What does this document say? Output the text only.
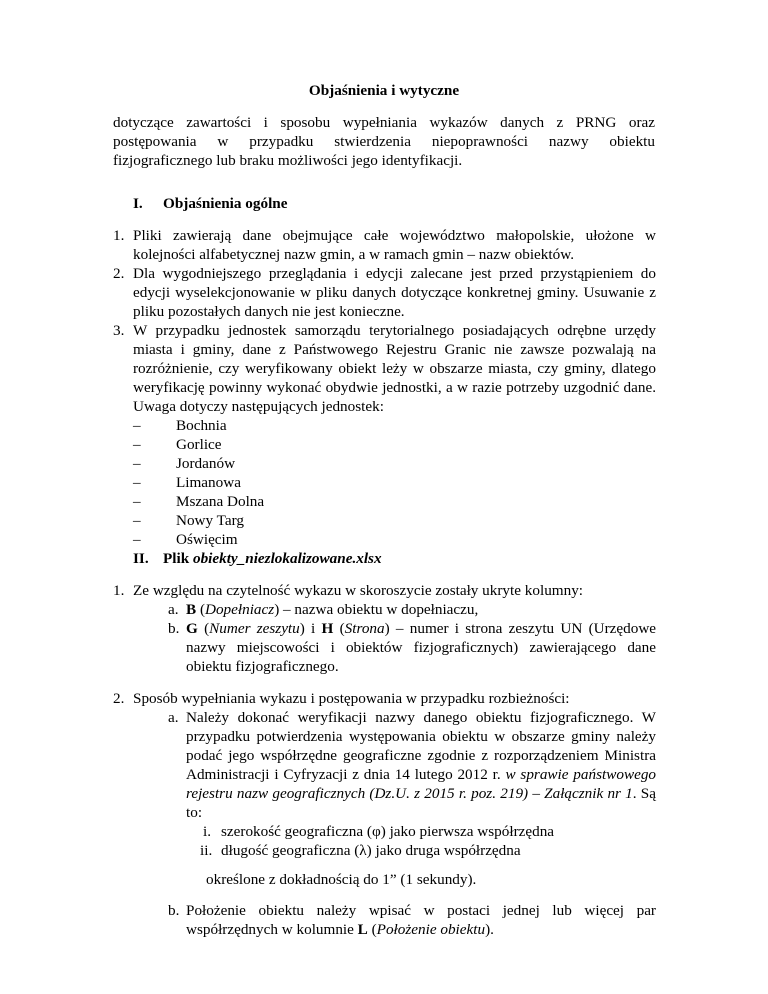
Objaśnienia i wytyczne
dotyczące zawartości i sposobu wypełniania wykazów danych z PRNG oraz postępowania w przypadku stwierdzenia niepoprawności nazwy obiektu fizjograficznego lub braku możliwości jego identyfikacji.
I. Objaśnienia ogólne
1. Pliki zawierają dane obejmujące całe województwo małopolskie, ułożone w kolejności alfabetycznej nazw gmin, a w ramach gmin – nazw obiektów.
2. Dla wygodniejszego przeglądania i edycji zalecane jest przed przystąpieniem do edycji wyselekcjonowanie w pliku danych dotyczące konkretnej gminy. Usuwanie z pliku pozostałych danych nie jest konieczne.
3. W przypadku jednostek samorządu terytorialnego posiadających odrębne urzędy miasta i gminy, dane z Państwowego Rejestru Granic nie zawsze pozwalają na rozróżnienie, czy weryfikowany obiekt leży w obszarze miasta, czy gminy, dlatego weryfikację powinny wykonać obydwie jednostki, a w razie potrzeby uzgodnić dane. Uwaga dotyczy następujących jednostek:
– Bochnia
– Gorlice
– Jordanów
– Limanowa
– Mszana Dolna
– Nowy Targ
– Oświęcim
II. Plik obiekty_niezlokalizowane.xlsx
1. Ze względu na czytelność wykazu w skoroszycie zostały ukryte kolumny:
a. B (Dopełniacz) – nazwa obiektu w dopełniaczu,
b. G (Numer zeszytu) i H (Strona) – numer i strona zeszytu UN (Urzędowe nazwy miejscowości i obiektów fizjograficznych) zawierającego dane obiektu fizjograficznego.
2. Sposób wypełniania wykazu i postępowania w przypadku rozbieżności:
a. Należy dokonać weryfikacji nazwy danego obiektu fizjograficznego. W przypadku potwierdzenia występowania obiektu w obszarze gminy należy podać jego współrzędne geograficzne zgodnie z rozporządzeniem Ministra Administracji i Cyfryzacji z dnia 14 lutego 2012 r. w sprawie państwowego rejestru nazw geograficznych (Dz.U. z 2015 r. poz. 219) – Załącznik nr 1. Są to:
i. szerokość geograficzna (φ) jako pierwsza współrzędna
ii. długość geograficzna (λ) jako druga współrzędna
określone z dokładnością do 1” (1 sekundy).
b. Położenie obiektu należy wpisać w postaci jednej lub więcej par współrzędnych w kolumnie L (Położenie obiektu).
